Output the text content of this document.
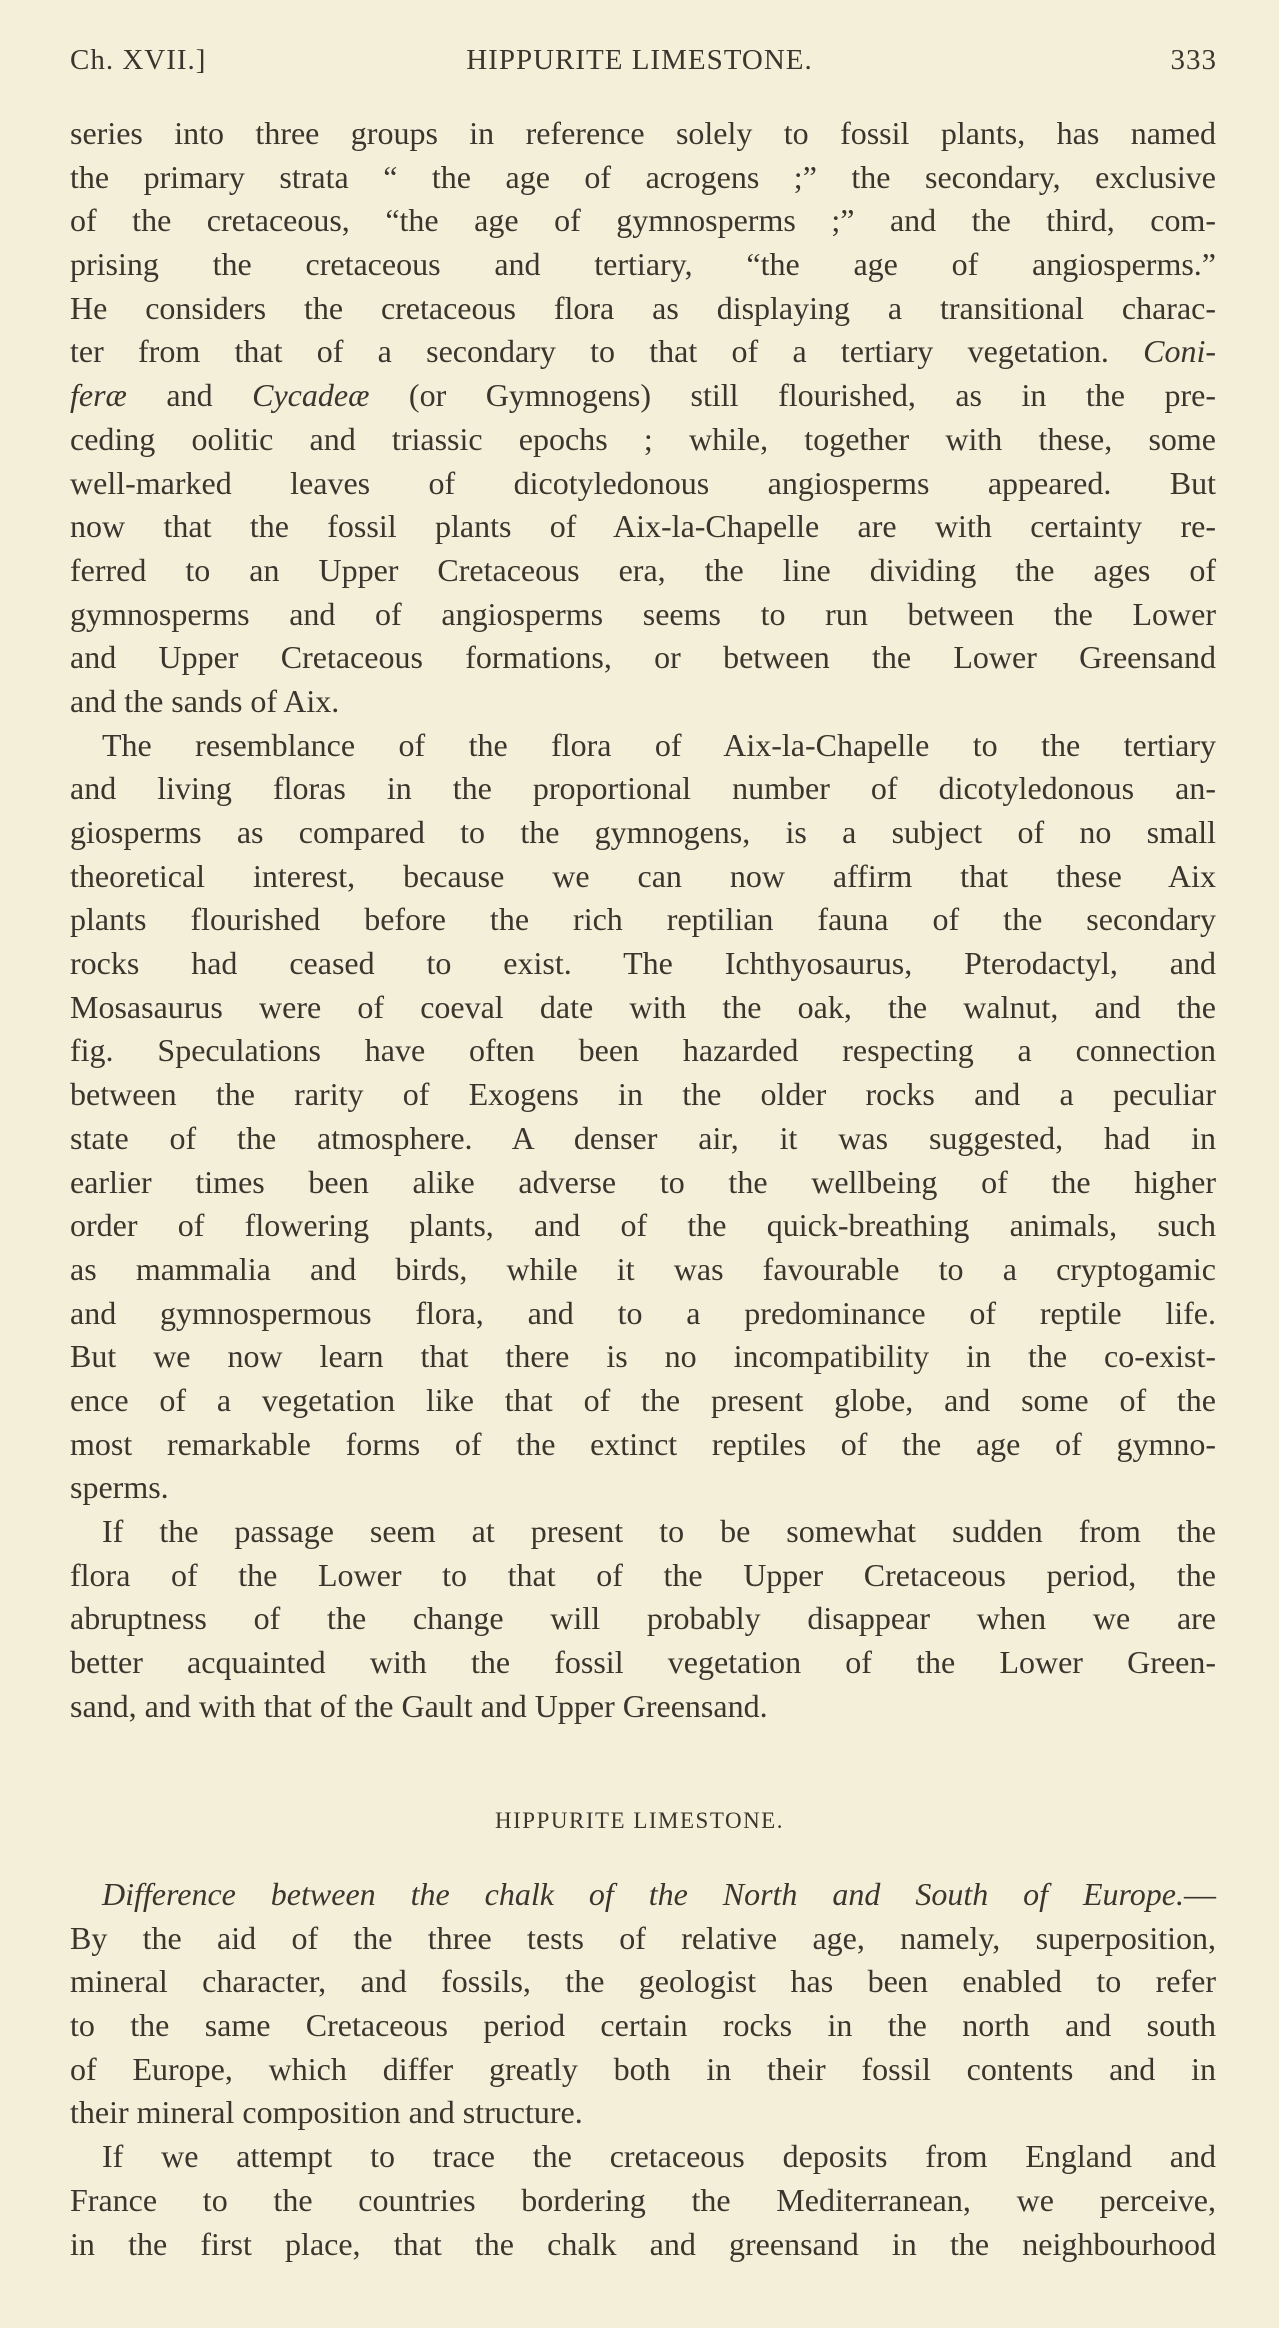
Ch. XVII.]	HIPPURITE LIMESTONE.	333
series into three groups in reference solely to fossil plants, has named
the primary strata “ the age of acrogens ;” the secondary, exclusive
of the cretaceous, “the age of gymnosperms ;” and the third, com-
prising the cretaceous and tertiary, “the age of angiosperms.”
He considers the cretaceous flora as displaying a transitional charac-
ter from that of a secondary to that of a tertiary vegetation. Coni-
feræ and Cycadeæ (or Gymnogens) still flourished, as in the pre-
ceding oolitic and triassic epochs ; while, together with these, some
well-marked leaves of dicotyledonous angiosperms appeared. But
now that the fossil plants of Aix-la-Chapelle are with certainty re-
ferred to an Upper Cretaceous era, the line dividing the ages of
gymnosperms and of angiosperms seems to run between the Lower
and Upper Cretaceous formations, or between the Lower Greensand
and the sands of Aix.
The resemblance of the flora of Aix-la-Chapelle to the tertiary
and living floras in the proportional number of dicotyledonous an-
giosperms as compared to the gymnogens, is a subject of no small
theoretical interest, because we can now affirm that these Aix
plants flourished before the rich reptilian fauna of the secondary
rocks had ceased to exist. The Ichthyosaurus, Pterodactyl, and
Mosasaurus were of coeval date with the oak, the walnut, and the
fig. Speculations have often been hazarded respecting a connection
between the rarity of Exogens in the older rocks and a peculiar
state of the atmosphere. A denser air, it was suggested, had in
earlier times been alike adverse to the wellbeing of the higher
order of flowering plants, and of the quick-breathing animals, such
as mammalia and birds, while it was favourable to a cryptogamic
and gymnospermous flora, and to a predominance of reptile life.
But we now learn that there is no incompatibility in the co-exist-
ence of a vegetation like that of the present globe, and some of the
most remarkable forms of the extinct reptiles of the age of gymno-
sperms.
If the passage seem at present to be somewhat sudden from the
flora of the Lower to that of the Upper Cretaceous period, the
abruptness of the change will probably disappear when we are
better acquainted with the fossil vegetation of the Lower Green-
sand, and with that of the Gault and Upper Greensand.
HIPPURITE LIMESTONE.
Difference between the chalk of the North and South of Europe.—
By the aid of the three tests of relative age, namely, superposition,
mineral character, and fossils, the geologist has been enabled to refer
to the same Cretaceous period certain rocks in the north and south
of Europe, which differ greatly both in their fossil contents and in
their mineral composition and structure.
If we attempt to trace the cretaceous deposits from England and
France to the countries bordering the Mediterranean, we perceive,
in the first place, that the chalk and greensand in the neighbourhood
